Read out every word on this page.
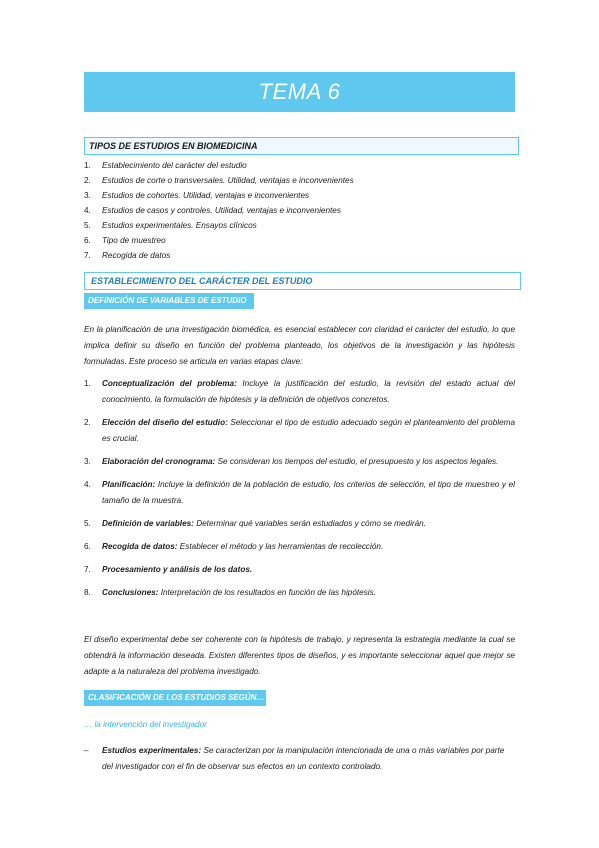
TEMA 6
TIPOS DE ESTUDIOS EN BIOMEDICINA
1.	Establecimiento del carácter del estudio
2.	Estudios de corte o transversales. Utilidad, ventajas e inconvenientes
3.	Estudios de cohortes. Utilidad, ventajas e inconvenientes
4.	Estudios de casos y controles. Utilidad, ventajas e inconvenientes
5.	Estudios experimentales. Ensayos clínicos
6.	Tipo de muestreo
7.	Recogida de datos
ESTABLECIMIENTO DEL CARÁCTER DEL ESTUDIO
DEFINICIÓN DE VARIABLES DE ESTUDIO
En la planificación de una investigación biomédica, es esencial establecer con claridad el carácter del estudio, lo que implica definir su diseño en función del problema planteado, los objetivos de la investigación y las hipótesis formuladas. Este proceso se articula en varias etapas clave:
1.	Conceptualización del problema: Incluye la justificación del estudio, la revisión del estado actual del conocimiento, la formulación de hipótesis y la definición de objetivos concretos.
2.	Elección del diseño del estudio: Seleccionar el tipo de estudio adecuado según el planteamiento del problema es crucial.
3.	Elaboración del cronograma: Se consideran los tiempos del estudio, el presupuesto y los aspectos legales.
4.	Planificación: Incluye la definición de la población de estudio, los criterios de selección, el tipo de muestreo y el tamaño de la muestra.
5.	Definición de variables: Determinar qué variables serán estudiados y cómo se medirán.
6.	Recogida de datos: Establecer el método y las herramientas de recolección.
7.	Procesamiento y análisis de los datos.
8.	Conclusiones: Interpretación de los resultados en función de las hipótesis.
El diseño experimental debe ser coherente con la hipótesis de trabajo, y representa la estrategia mediante la cual se obtendrá la información deseada. Existen diferentes tipos de diseños, y es importante seleccionar aquel que mejor se adapte a la naturaleza del problema investigado.
CLASIFICACIÓN DE LOS ESTUDIOS SEGÚN…
… la intervención del investigador
–	Estudios experimentales: Se caracterizan por la manipulación intencionada de una o más variables por parte del investigador con el fin de observar sus efectos en un contexto controlado.
